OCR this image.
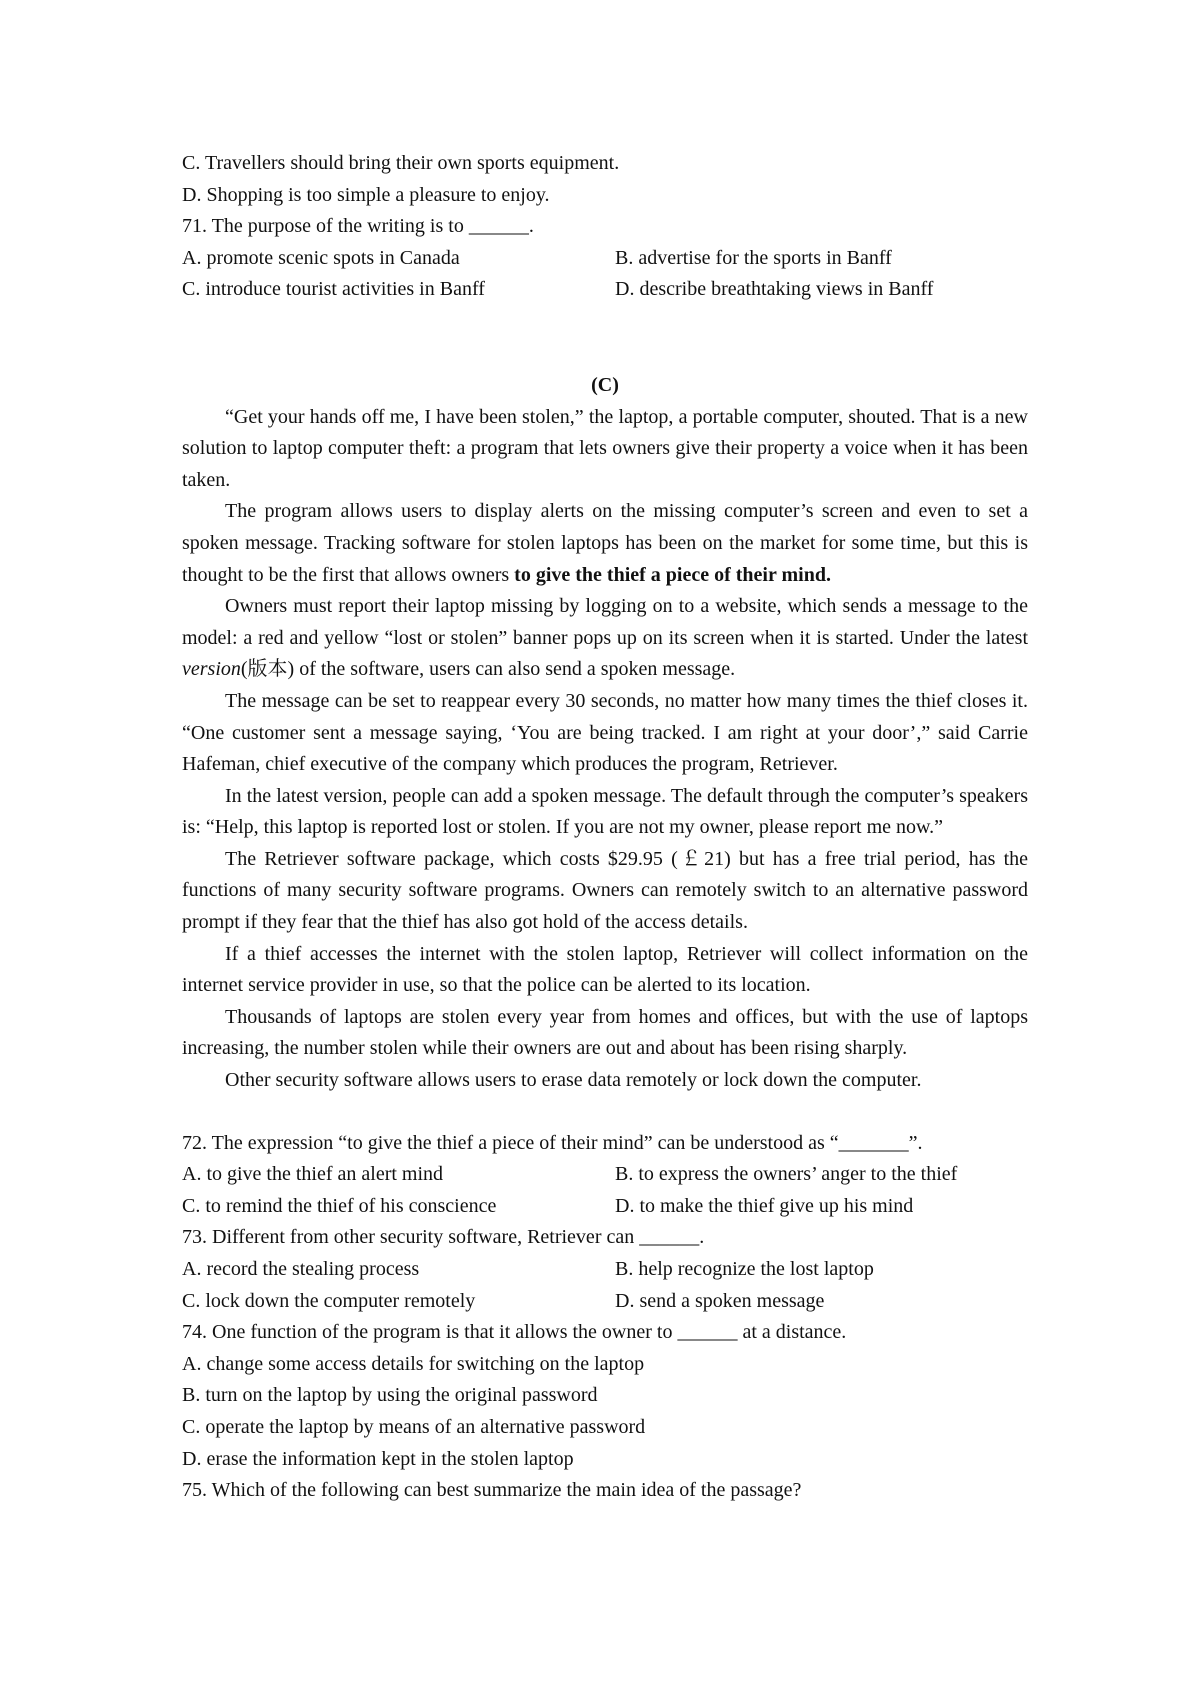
C. Travellers should bring their own sports equipment.
D. Shopping is too simple a pleasure to enjoy.
71. The purpose of the writing is to ______.
A. promote scenic spots in Canada	B. advertise for the sports in Banff
C. introduce tourist activities in Banff	D. describe breathtaking views in Banff
(C)

“Get your hands off me, I have been stolen,” the laptop, a portable computer, shouted. That is a new solution to laptop computer theft: a program that lets owners give their property a voice when it has been taken.

The program allows users to display alerts on the missing computer’s screen and even to set a spoken message. Tracking software for stolen laptops has been on the market for some time, but this is thought to be the first that allows owners to give the thief a piece of their mind.

Owners must report their laptop missing by logging on to a website, which sends a message to the model: a red and yellow “lost or stolen” banner pops up on its screen when it is started. Under the latest version(版本) of the software, users can also send a spoken message.

The message can be set to reappear every 30 seconds, no matter how many times the thief closes it. “One customer sent a message saying, ‘You are being tracked. I am right at your door’,” said Carrie Hafeman, chief executive of the company which produces the program, Retriever.

In the latest version, people can add a spoken message. The default through the computer’s speakers is: “Help, this laptop is reported lost or stolen. If you are not my owner, please report me now.”

The Retriever software package, which costs $29.95 (￡21) but has a free trial period, has the functions of many security software programs. Owners can remotely switch to an alternative password prompt if they fear that the thief has also got hold of the access details.

If a thief accesses the internet with the stolen laptop, Retriever will collect information on the internet service provider in use, so that the police can be alerted to its location.

Thousands of laptops are stolen every year from homes and offices, but with the use of laptops increasing, the number stolen while their owners are out and about has been rising sharply.

Other security software allows users to erase data remotely or lock down the computer.

72. The expression “to give the thief a piece of their mind” can be understood as “_______”.
A. to give the thief an alert mind	B. to express the owners’ anger to the thief
C. to remind the thief of his conscience	D. to make the thief give up his mind
73. Different from other security software, Retriever can ______.
A. record the stealing process	B. help recognize the lost laptop
C. lock down the computer remotely	D. send a spoken message
74. One function of the program is that it allows the owner to ______ at a distance.
A. change some access details for switching on the laptop
B. turn on the laptop by using the original password
C. operate the laptop by means of an alternative password
D. erase the information kept in the stolen laptop
75. Which of the following can best summarize the main idea of the passage?
